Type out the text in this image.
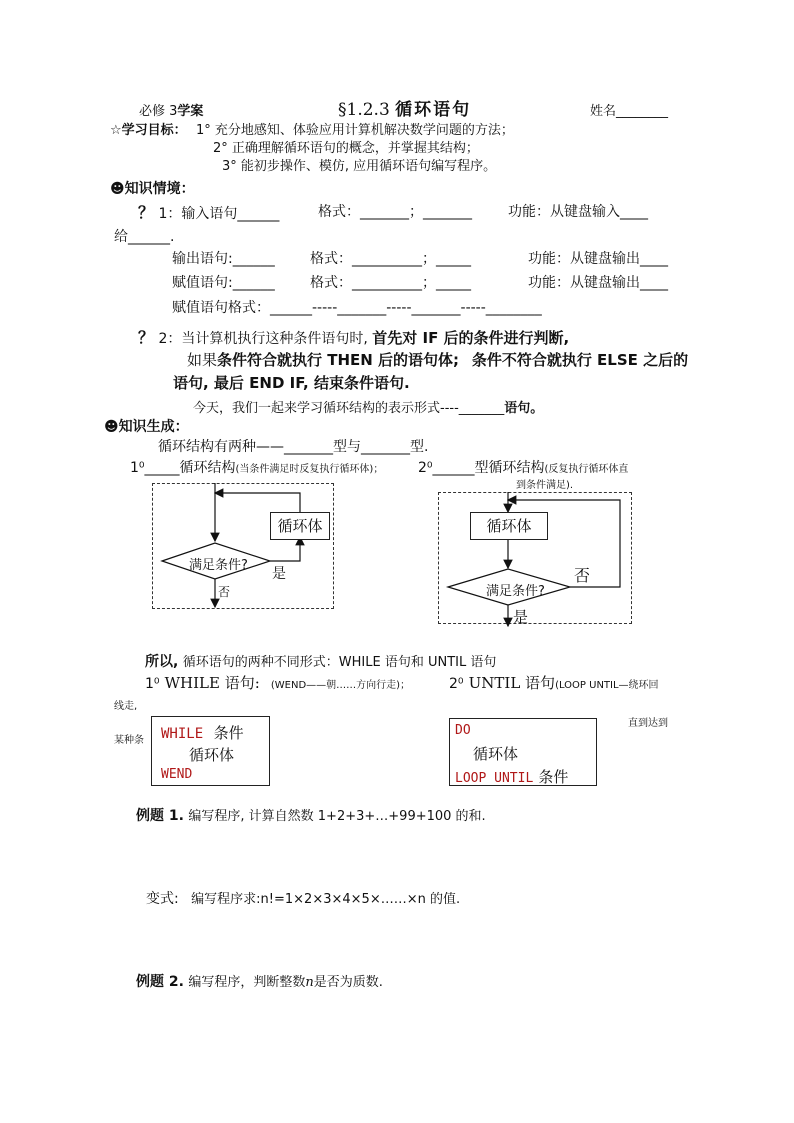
必修 3学案	§1.2.3 循环语句	姓名________
☆学习目标： 1° 充分地感知、体验应用计算机解决数学问题的方法；
2° 正确理解循环语句的概念，并掌握其结构；
3° 能初步操作、模仿, 应用循环语句编写程序。
☻知识情境：
？ 1：输入语句______	格式：_______；_______	功能：从键盘输入____
给______.
输出语句:______	格式：__________；_____	功能：从键盘输出____
赋值语句:______	格式：__________；_____	功能：从键盘输出____
赋值语句格式：______-----_______-----_______-----________
？ 2：当计算机执行这种条件语句时, 首先对 IF 后的条件进行判断,
如果条件符合就执行 THEN 后的语句体; 条件不符合就执行 ELSE 之后的
语句, 最后 END IF, 结束条件语句.
今天，我们一起来学习循环结构的表示形式----_______语句。
☻知识生成：
循环结构有两种——_______型与_______型.
1⁰_____循环结构(当条件满足时反复执行循环体)； 2⁰______型循环结构(反复执行循环体直
到条件满足).
循环体
满足条件?
是
否
循环体
满足条件?
否
是
所以, 循环语句的两种不同形式：WHILE 语句和 UNTIL 语句
1⁰ WHILE 语句: (WEND——朝……方向行走)；	2⁰ UNTIL 语句(LOOP UNTIL—绕环回
线走,
某种条
直到达到
WHILE 条件
循环体
WEND
DO
循环体
LOOP UNTIL 条件
例题 1. 编写程序, 计算自然数 1+2+3+…+99+100 的和.
变式: 编写程序求:n!=1×2×3×4×5×……×n 的值.
例题 2. 编写程序，判断整数n是否为质数.
